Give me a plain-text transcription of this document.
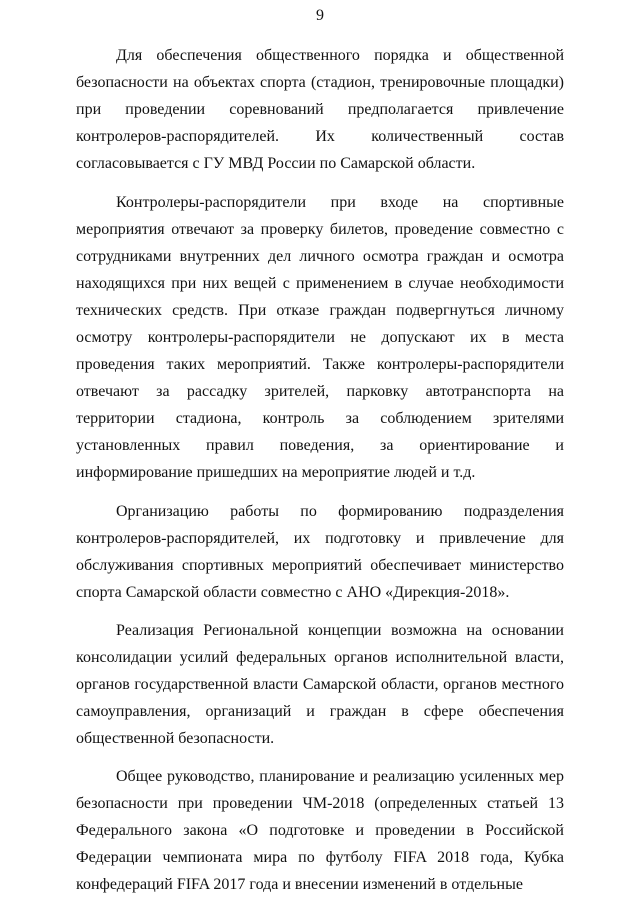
9

Для обеспечения общественного порядка и общественной безопасности на объектах спорта (стадион, тренировочные площадки) при проведении соревнований предполагается привлечение контролеров-распорядителей. Их количественный состав согласовывается с ГУ МВД России по Самарской области.

Контролеры-распорядители при входе на спортивные мероприятия отвечают за проверку билетов, проведение совместно с сотрудниками внутренних дел личного осмотра граждан и осмотра находящихся при них вещей с применением в случае необходимости технических средств. При отказе граждан подвергнуться личному осмотру контролеры-распорядители не допускают их в места проведения таких мероприятий. Также контролеры-распорядители отвечают за рассадку зрителей, парковку автотранспорта на территории стадиона, контроль за соблюдением зрителями установленных правил поведения, за ориентирование и информирование пришедших на мероприятие людей и т.д.

Организацию работы по формированию подразделения контролеров-распорядителей, их подготовку и привлечение для обслуживания спортивных мероприятий обеспечивает министерство спорта Самарской области совместно с АНО «Дирекция-2018».

Реализация Региональной концепции возможна на основании консолидации усилий федеральных органов исполнительной власти, органов государственной власти Самарской области, органов местного самоуправления, организаций и граждан в сфере обеспечения общественной безопасности.

Общее руководство, планирование и реализацию усиленных мер безопасности при проведении ЧМ-2018 (определенных статьей 13 Федерального закона «О подготовке и проведении в Российской Федерации чемпионата мира по футболу FIFA 2018 года, Кубка конфедераций FIFA 2017 года и внесении изменений в отдельные
